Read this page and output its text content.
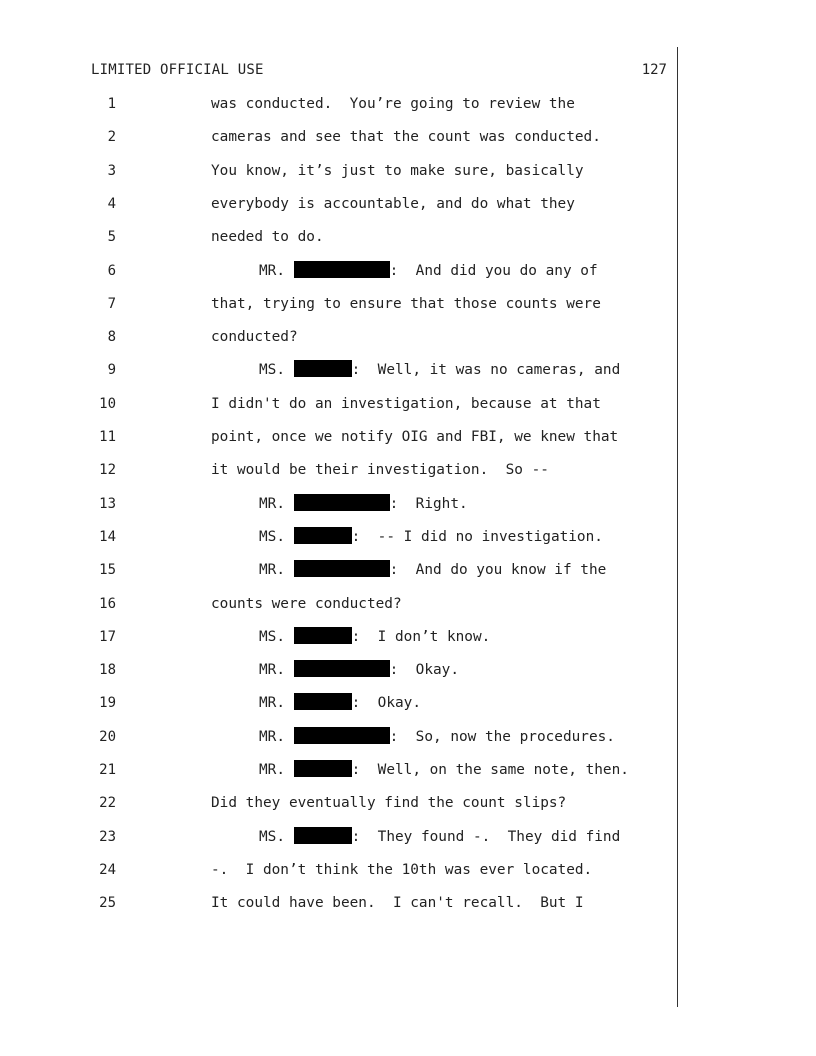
LIMITED OFFICIAL USE	127
1	was conducted.  You’re going to review the
2	cameras and see that the count was conducted.
3	You know, it’s just to make sure, basically
4	everybody is accountable, and do what they
5	needed to do.
6	MR.	:  And did you do any of
7	that, trying to ensure that those counts were
8	conducted?
9	MS.	:  Well, it was no cameras, and
10	I didn't do an investigation, because at that
11	point, once we notify OIG and FBI, we knew that
12	it would be their investigation.  So --
13	MR.	:  Right.
14	MS.	:  -- I did no investigation.
15	MR.	:  And do you know if the
16	counts were conducted?
17	MS.	:  I don’t know.
18	MR.	:  Okay.
19	MR.	:  Okay.
20	MR.	:  So, now the procedures.
21	MR.	:  Well, on the same note, then.
22	Did they eventually find the count slips?
23	MS.	:  They found -.  They did find
24	-.  I don’t think the 10th was ever located.
25	It could have been.  I can't recall.  But I
